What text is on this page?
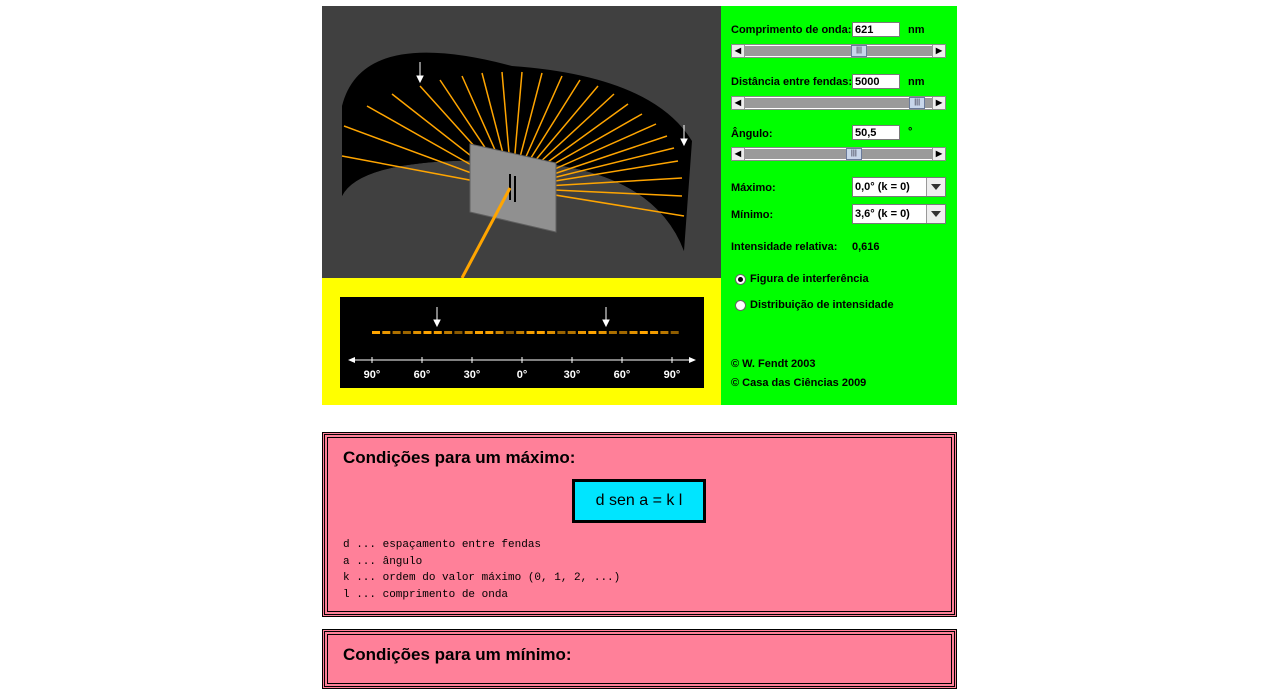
90°	60°	30°	0°	30°	60°	90°
Comprimento de onda: 621	nm
◀	|||	▶
Distância entre fendas: 5000	nm
◀	|||	▶
Ângulo:	50,5	°
◀	|||	▶
Máximo:	0,0° (k = 0)
Mínimo:	3,6° (k = 0)
Intensidade relativa: 0,616
Figura de interferência
Distribuição de intensidade
© W. Fendt 2003
© Casa das Ciências 2009
Condições para um máximo:
d sen a = k l
d ... espaçamento entre fendas
a ... ângulo
k ... ordem do valor máximo (0, 1, 2, ...)
l ... comprimento de onda
Condições para um mínimo:
